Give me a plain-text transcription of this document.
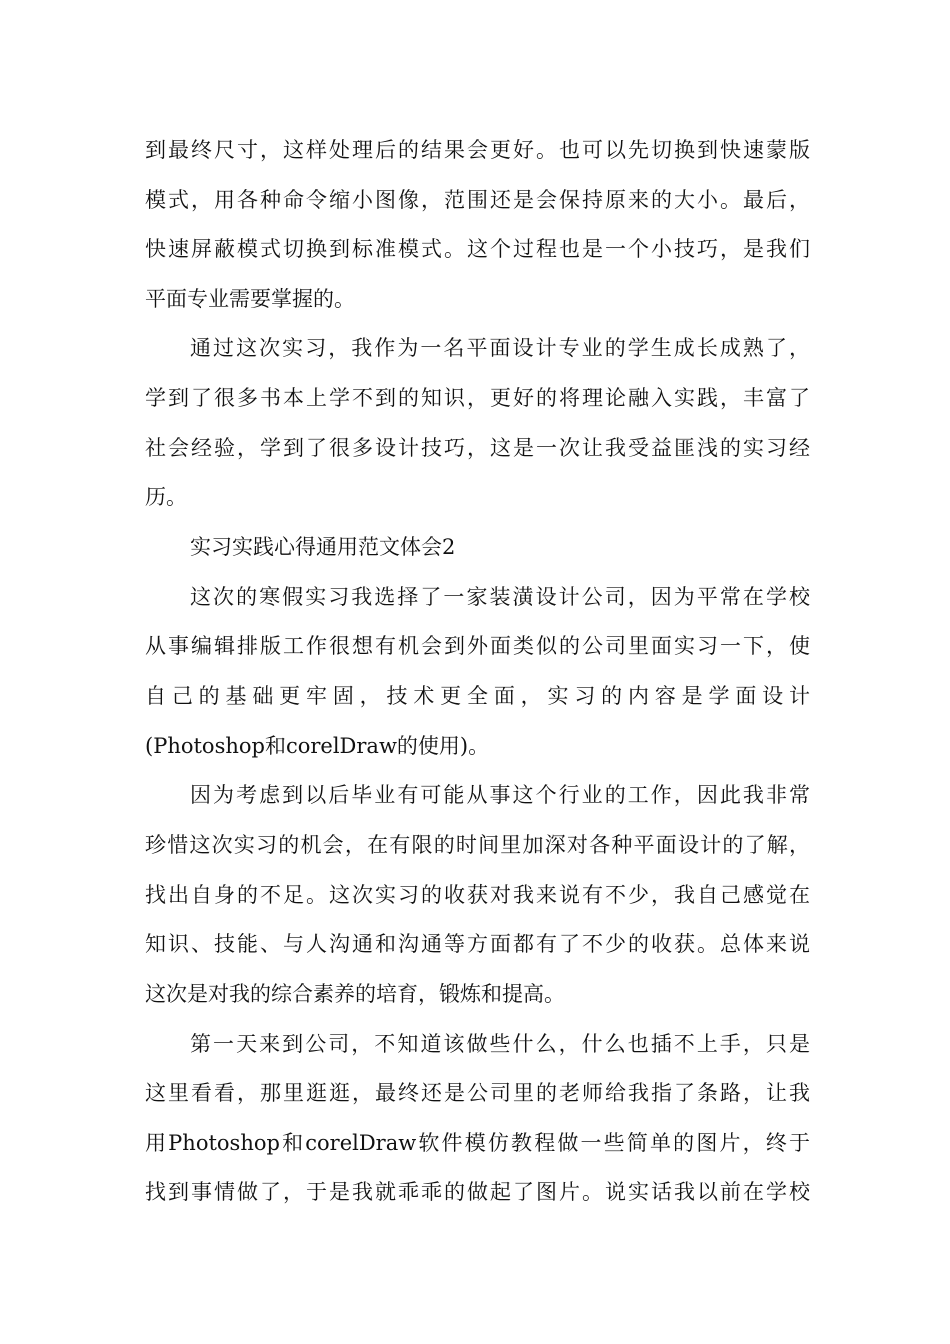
到最终尺寸，这样处理后的结果会更好。也可以先切换到快速蒙版
模式，用各种命令缩小图像，范围还是会保持原来的大小。最后，
快速屏蔽模式切换到标准模式。这个过程也是一个小技巧，是我们
平面专业需要掌握的。
通过这次实习，我作为一名平面设计专业的学生成长成熟了，
学到了很多书本上学不到的知识，更好的将理论融入实践，丰富了
社会经验，学到了很多设计技巧，这是一次让我受益匪浅的实习经
历。
实习实践心得通用范文体会2
这次的寒假实习我选择了一家装潢设计公司，因为平常在学校
从事编辑排版工作很想有机会到外面类似的公司里面实习一下，使
自己的基础更牢固，技术更全面，实习的内容是学面设计
(Photoshop和corelDraw的使用)。
因为考虑到以后毕业有可能从事这个行业的工作，因此我非常
珍惜这次实习的机会，在有限的时间里加深对各种平面设计的了解，
找出自身的不足。这次实习的收获对我来说有不少，我自己感觉在
知识、技能、与人沟通和沟通等方面都有了不少的收获。总体来说
这次是对我的综合素养的培育，锻炼和提高。
第一天来到公司，不知道该做些什么，什么也插不上手，只是
这里看看，那里逛逛，最终还是公司里的老师给我指了条路，让我
用Photoshop和corelDraw软件模仿教程做一些简单的图片，终于
找到事情做了，于是我就乖乖的做起了图片。说实话我以前在学校
